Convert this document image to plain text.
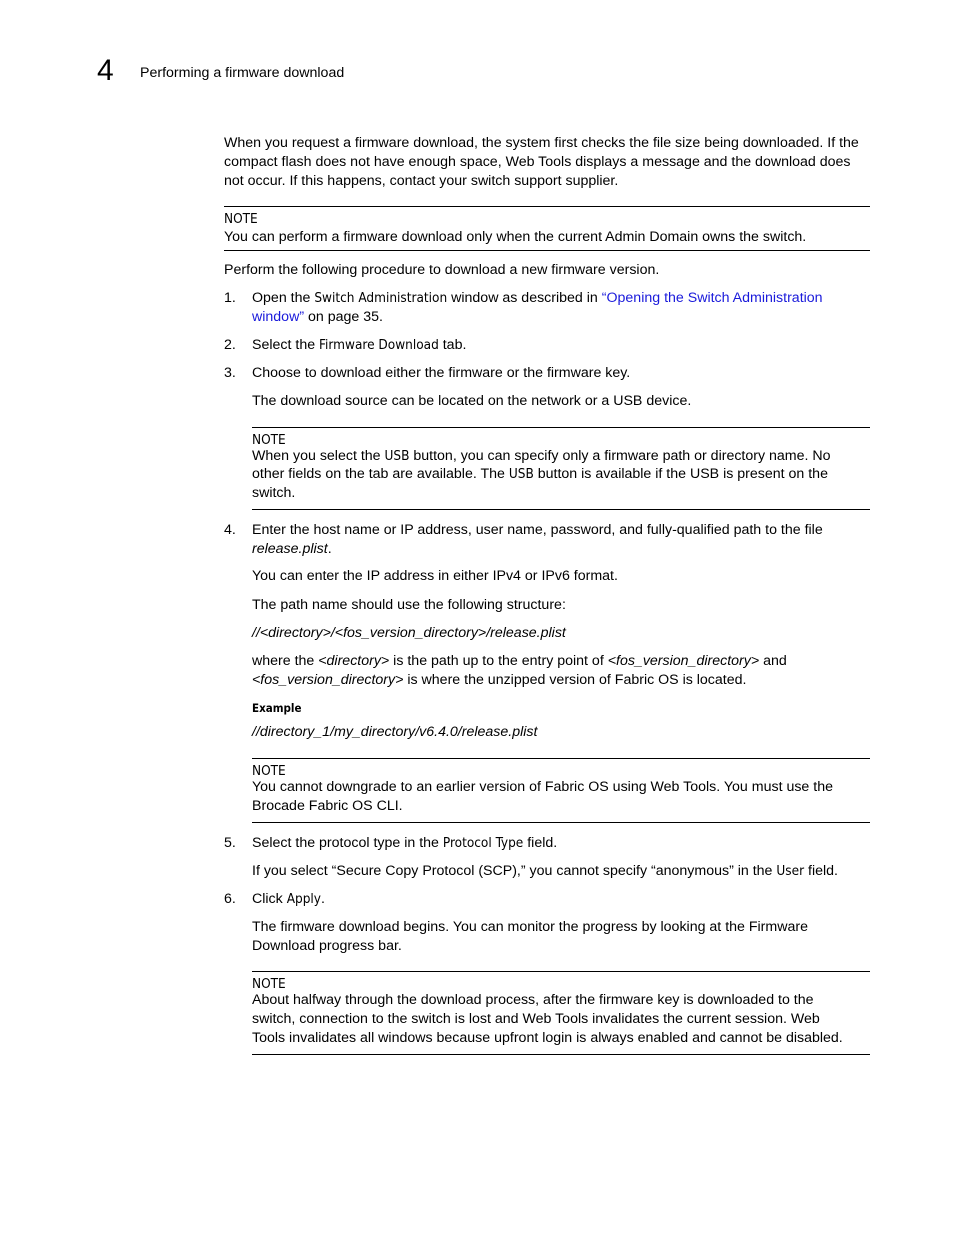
4 Performing a firmware download

When you request a firmware download, the system first checks the file size being downloaded. If the compact flash does not have enough space, Web Tools displays a message and the download does not occur. If this happens, contact your switch support supplier.

NOTE
You can perform a firmware download only when the current Admin Domain owns the switch.

Perform the following procedure to download a new firmware version.

1. Open the Switch Administration window as described in “Opening the Switch Administration
window” on page 35.
2. Select the Firmware Download tab.
3. Choose to download either the firmware or the firmware key.
The download source can be located on the network or a USB device.
NOTE
When you select the USB button, you can specify only a firmware path or directory name. No
other fields on the tab are available. The USB button is available if the USB is present on the
switch.
4. Enter the host name or IP address, user name, password, and fully-qualified path to the file
release.plist.
You can enter the IP address in either IPv4 or IPv6 format.
The path name should use the following structure:
//<directory>/<fos_version_directory>/release.plist
where the <directory> is the path up to the entry point of <fos_version_directory> and
<fos_version_directory> is where the unzipped version of Fabric OS is located.
Example
//directory_1/my_directory/v6.4.0/release.plist
NOTE
You cannot downgrade to an earlier version of Fabric OS using Web Tools. You must use the
Brocade Fabric OS CLI.
5. Select the protocol type in the Protocol Type field.
If you select “Secure Copy Protocol (SCP),” you cannot specify “anonymous” in the User field.
6. Click Apply.
The firmware download begins. You can monitor the progress by looking at the Firmware
Download progress bar.
NOTE
About halfway through the download process, after the firmware key is downloaded to the
switch, connection to the switch is lost and Web Tools invalidates the current session. Web
Tools invalidates all windows because upfront login is always enabled and cannot be disabled.
